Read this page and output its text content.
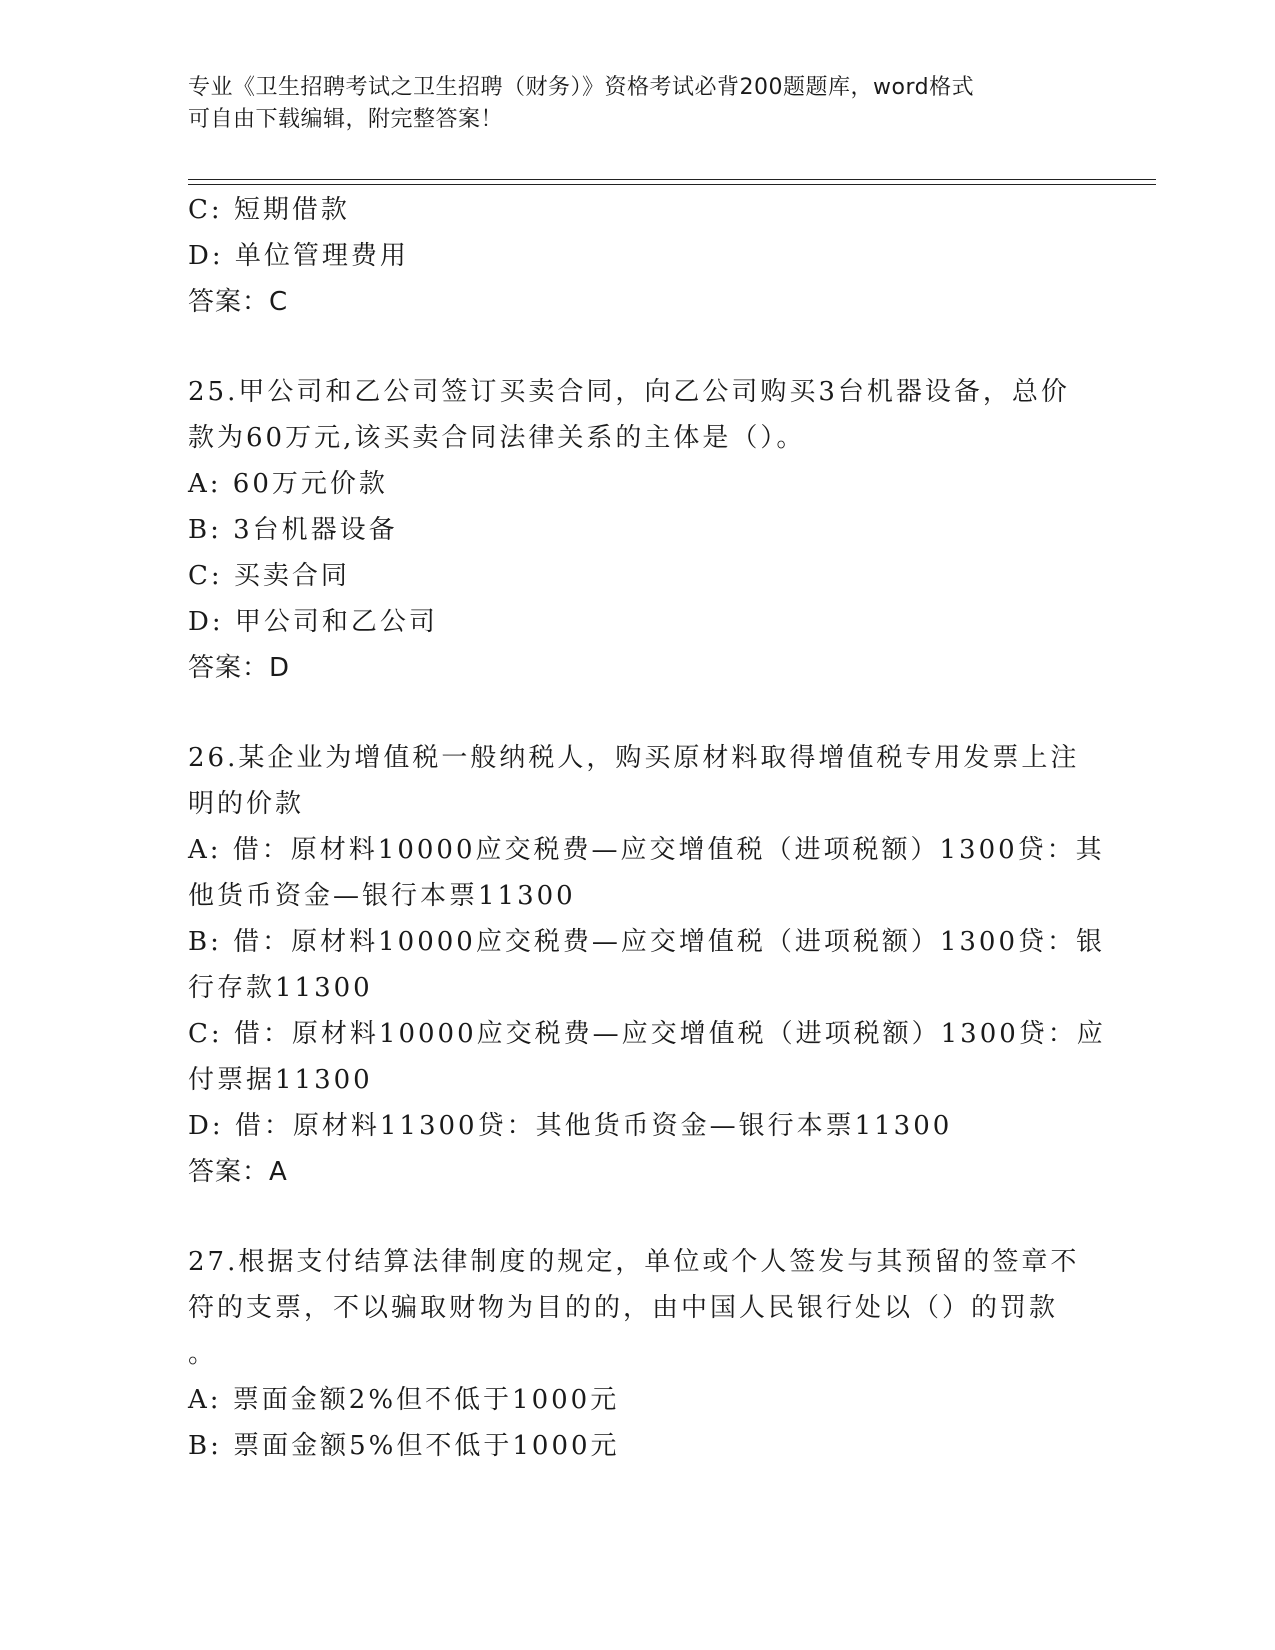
专业《卫生招聘考试之卫生招聘（财务）》资格考试必背200题题库，word格式
可自由下载编辑，附完整答案！
C: 短期借款
D: 单位管理费用
答案：C
25.甲公司和乙公司签订买卖合同，向乙公司购买3台机器设备，总价
款为60万元,该买卖合同法律关系的主体是（）。
A: 60万元价款
B: 3台机器设备
C: 买卖合同
D: 甲公司和乙公司
答案：D
26.某企业为增值税一般纳税人，购买原材料取得增值税专用发票上注
明的价款
A: 借：原材料10000应交税费—应交增值税（进项税额）1300贷：其
他货币资金—银行本票11300
B: 借：原材料10000应交税费—应交增值税（进项税额）1300贷：银
行存款11300
C: 借：原材料10000应交税费—应交增值税（进项税额）1300贷：应
付票据11300
D: 借：原材料11300贷：其他货币资金—银行本票11300
答案：A
27.根据支付结算法律制度的规定，单位或个人签发与其预留的签章不
符的支票，不以骗取财物为目的的，由中国人民银行处以（）的罚款
。
A: 票面金额2%但不低于1000元
B: 票面金额5%但不低于1000元
